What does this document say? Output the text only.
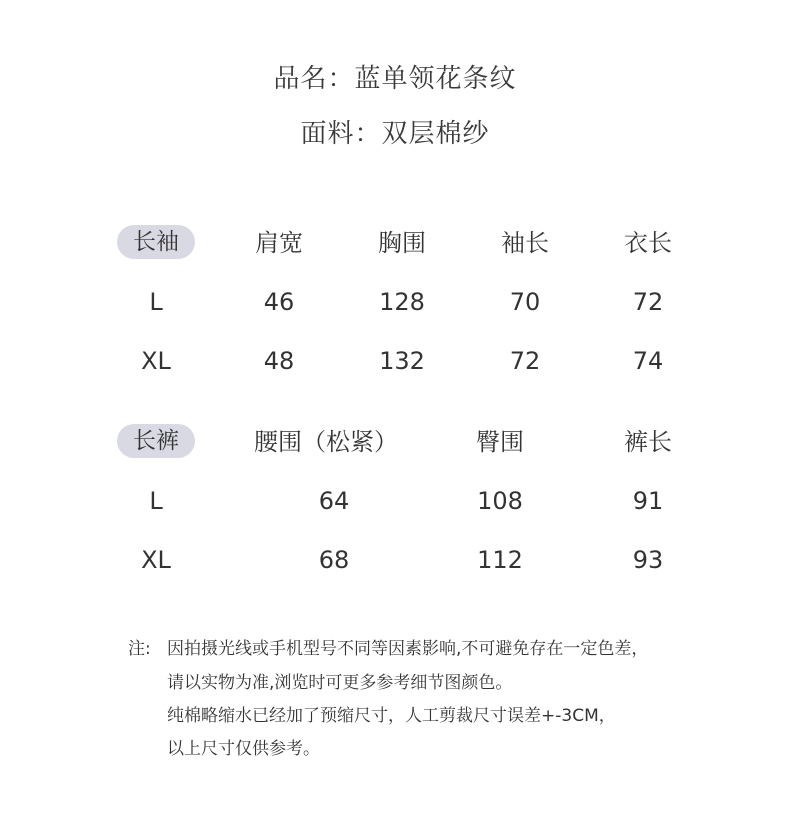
品名：蓝单领花条纹
面料：双层棉纱
长袖	肩宽	胸围	袖长	衣长
L	46	128	70	72
XL	48	132	72	74
长裤	腰围（松紧）	臀围	裤长
L	64	108	91
XL	68	112	93
注: 因拍摄光线或手机型号不同等因素影响,不可避免存在一定色差，
请以实物为准,浏览时可更多参考细节图颜色。
纯棉略缩水已经加了预缩尺寸，人工剪裁尺寸误差+-3CM，
以上尺寸仅供参考。
